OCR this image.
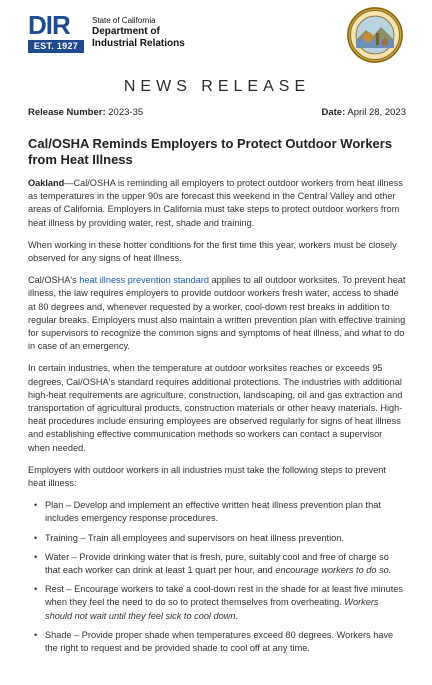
DIR
EST. 1927
State of California
Department of
Industrial Relations
NEWS RELEASE
Release Number: 2023-35	Date: April 28, 2023
Cal/OSHA Reminds Employers to Protect Outdoor Workers from Heat Illness

Oakland—Cal/OSHA is reminding all employers to protect outdoor workers from heat illness as temperatures in the upper 90s are forecast this weekend in the Central Valley and other areas of California. Employers in California must take steps to protect outdoor workers from heat illness by providing water, rest, shade and training.

When working in these hotter conditions for the first time this year, workers must be closely observed for any signs of heat illness.

Cal/OSHA's heat illness prevention standard applies to all outdoor worksites. To prevent heat illness, the law requires employers to provide outdoor workers fresh water, access to shade at 80 degrees and, whenever requested by a worker, cool-down rest breaks in addition to regular breaks. Employers must also maintain a written prevention plan with effective training for supervisors to recognize the common signs and symptoms of heat illness, and what to do in case of an emergency.

In certain industries, when the temperature at outdoor worksites reaches or exceeds 95 degrees, Cal/OSHA's standard requires additional protections. The industries with additional high-heat requirements are agriculture, construction, landscaping, oil and gas extraction and transportation of agricultural products, construction materials or other heavy materials. High-heat procedures include ensuring employees are observed regularly for signs of heat illness and establishing effective communication methods so workers can contact a supervisor when needed.

Employers with outdoor workers in all industries must take the following steps to prevent heat illness:

• Plan – Develop and implement an effective written heat illness prevention plan that includes emergency response procedures.
• Training – Train all employees and supervisors on heat illness prevention.
• Water – Provide drinking water that is fresh, pure, suitably cool and free of charge so that each worker can drink at least 1 quart per hour, and encourage workers to do so.
• Rest – Encourage workers to take a cool-down rest in the shade for at least five minutes when they feel the need to do so to protect themselves from overheating. Workers should not wait until they feel sick to cool down.
• Shade – Provide proper shade when temperatures exceed 80 degrees. Workers have the right to request and be provided shade to cool off at any time.
